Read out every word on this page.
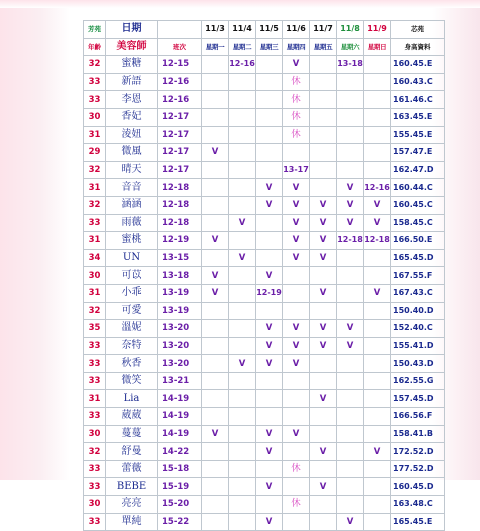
芳苑	日期		11/3	11/4	11/5	11/6	11/7	11/8	11/9	芯苑
年齡	美容師	班次	星期一	星期二	星期三	星期四	星期五	星期六	星期日	身高資料
32	蜜糖	12-15		12-16		V		13-18		160.45.E
33	新語	12-16				休				160.43.C
33	李恩	12-16				休				161.46.C
30	香妃	12-17				休				163.45.E
31	淩妞	12-17				休				155.45.E
29	微風	12-17	V							157.47.E
32	晴天	12-17				13-17				162.47.D
31	音音	12-18			V	V		V	12-16	160.44.C
32	涵涵	12-18			V	V	V	V	V	160.45.C
33	雨薇	12-18		V		V	V	V	V	158.45.C
31	蜜桃	12-19	V			V	V	12-18	12-18	166.50.E
34	UN	13-15		V		V	V			165.45.D
30	可苡	13-18	V		V					167.55.F
31	小乖	13-19	V		12-19		V		V	167.43.C
32	可愛	13-19								150.40.D
35	溫妮	13-20			V	V	V	V		152.40.C
33	奈特	13-20			V	V	V	V		155.41.D
33	秋香	13-20		V	V	V				150.43.D
33	微笑	13-21								162.55.G
31	Lia	14-19					V			157.45.D
33	葳葳	14-19								166.56.F
30	蔓蔓	14-19	V		V	V				158.41.B
32	舒曼	14-22			V		V		V	172.52.D
33	蕾薇	15-18				休				177.52.D
33	BEBE	15-19			V		V			160.45.D
30	亮亮	15-20				休				163.48.C
33	單純	15-22			V			V		165.45.E
